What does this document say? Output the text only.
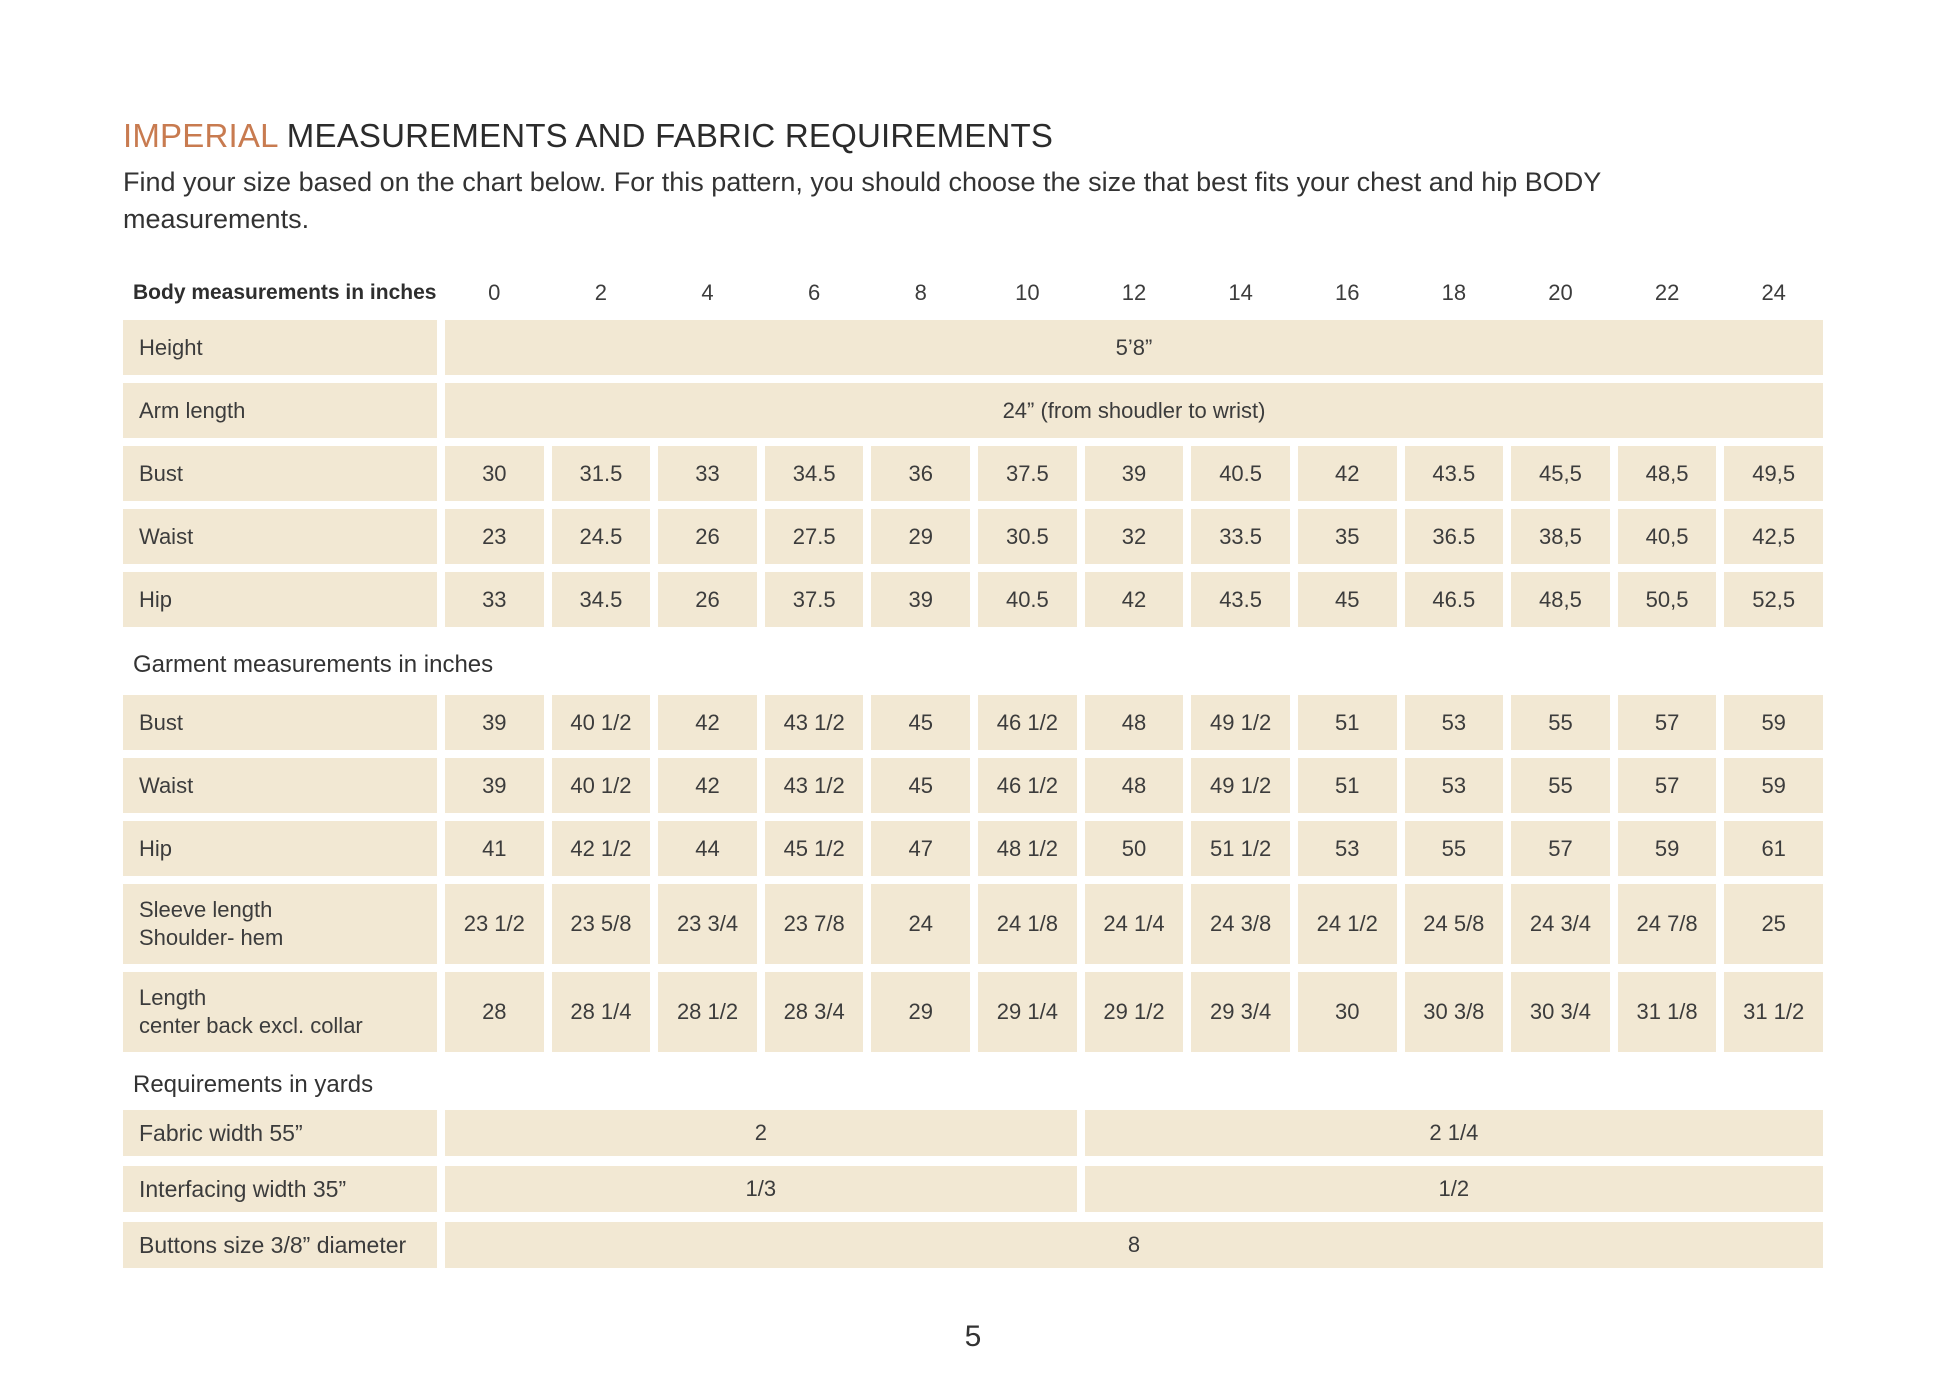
IMPERIAL MEASUREMENTS AND FABRIC REQUIREMENTS
Find your size based on the chart below. For this pattern, you should choose the size that best fits your chest and hip BODY
measurements.
Body measurements in inches	0	2	4	6	8	10	12	14	16	18	20	22	24
Height	5’8”
Arm length	24” (from shoudler to wrist)
Bust	30	31.5	33	34.5	36	37.5	39	40.5	42	43.5	45,5	48,5	49,5
Waist	23	24.5	26	27.5	29	30.5	32	33.5	35	36.5	38,5	40,5	42,5
Hip	33	34.5	26	37.5	39	40.5	42	43.5	45	46.5	48,5	50,5	52,5
Garment measurements in inches
Bust	39	40 1/2	42	43 1/2	45	46 1/2	48	49 1/2	51	53	55	57	59
Waist	39	40 1/2	42	43 1/2	45	46 1/2	48	49 1/2	51	53	55	57	59
Hip	41	42 1/2	44	45 1/2	47	48 1/2	50	51 1/2	53	55	57	59	61
Sleeve length
Shoulder- hem
23 1/2	23 5/8	23 3/4	23 7/8	24	24 1/8	24 1/4	24 3/8	24 1/2	24 5/8	24 3/4	24 7/8	25
Length
center back excl. collar
28	28 1/4	28 1/2	28 3/4	29	29 1/4	29 1/2	29 3/4	30	30 3/8	30 3/4	31 1/8	31 1/2
Requirements in yards
Fabric width 55”	2	2 1/4
Interfacing width 35”	1/3	1/2
Buttons size 3/8” diameter	8
5
